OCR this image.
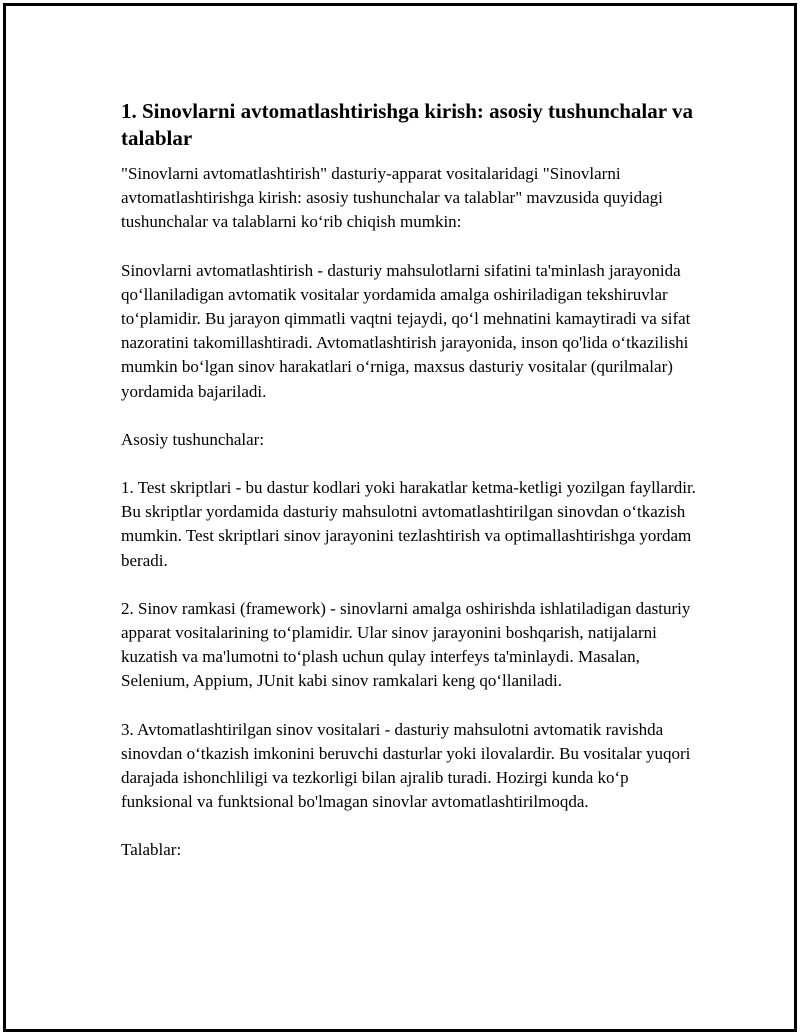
1. Sinovlarni avtomatlashtirishga kirish: asosiy tushunchalar va talablar

"Sinovlarni avtomatlashtirish" dasturiy-apparat vositalaridagi "Sinovlarni avtomatlashtirishga kirish: asosiy tushunchalar va talablar" mavzusida quyidagi tushunchalar va talablarni ko‘rib chiqish mumkin:

Sinovlarni avtomatlashtirish - dasturiy mahsulotlarni sifatini ta'minlash jarayonida qo‘llaniladigan avtomatik vositalar yordamida amalga oshiriladigan tekshiruvlar to‘plamidir. Bu jarayon qimmatli vaqtni tejaydi, qo‘l mehnatini kamaytiradi va sifat nazoratini takomillashtiradi. Avtomatlashtirish jarayonida, inson qo'lida o‘tkazilishi mumkin bo‘lgan sinov harakatlari o‘rniga, maxsus dasturiy vositalar (qurilmalar) yordamida bajariladi.

Asosiy tushunchalar:

1. Test skriptlari - bu dastur kodlari yoki harakatlar ketma-ketligi yozilgan fayllardir. Bu skriptlar yordamida dasturiy mahsulotni avtomatlashtirilgan sinovdan o‘tkazish mumkin. Test skriptlari sinov jarayonini tezlashtirish va optimallashtirishga yordam beradi.

2. Sinov ramkasi (framework) - sinovlarni amalga oshirishda ishlatiladigan dasturiy apparat vositalarining to‘plamidir. Ular sinov jarayonini boshqarish, natijalarni kuzatish va ma'lumotni to‘plash uchun qulay interfeys ta'minlaydi. Masalan, Selenium, Appium, JUnit kabi sinov ramkalari keng qo‘llaniladi.

3. Avtomatlashtirilgan sinov vositalari - dasturiy mahsulotni avtomatik ravishda sinovdan o‘tkazish imkonini beruvchi dasturlar yoki ilovalardir. Bu vositalar yuqori darajada ishonchliligi va tezkorligi bilan ajralib turadi. Hozirgi kunda ko‘p funksional va funktsional bo'lmagan sinovlar avtomatlashtirilmoqda.

Talablar:
